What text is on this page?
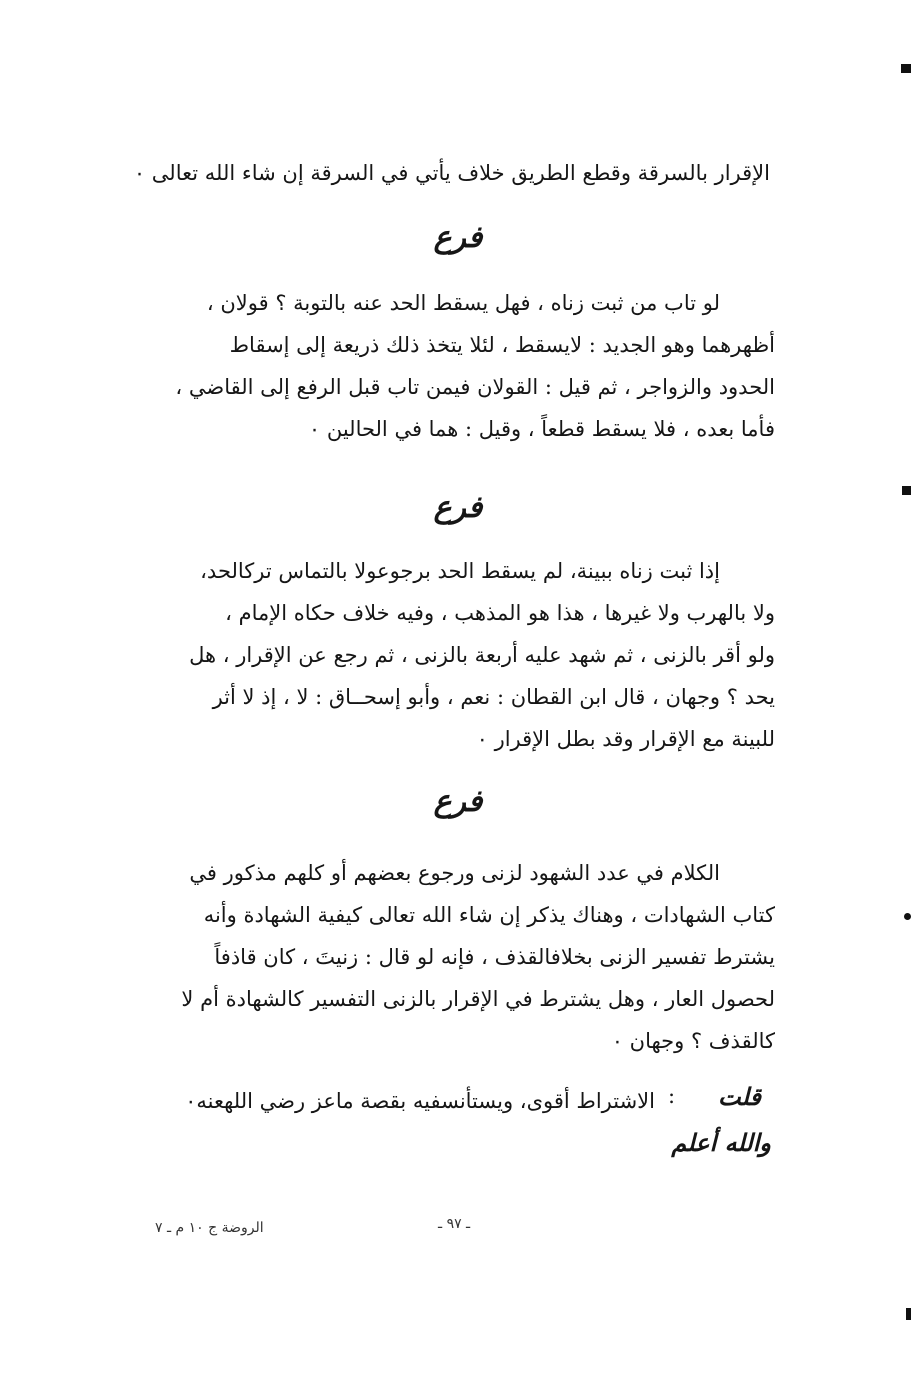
الإقرار بالسرقة وقطع الطريق خلاف يأتي في السرقة إن شاء الله تعالى ٠
فرع
لو تاب من ثبت زناه ، فهل يسقط الحد عنه بالتوبة ؟ قولان ،
أظهرهما وهو الجديد : لايسقط ، لئلا يتخذ ذلك ذريعة إلى إسقاط
الحدود والزواجر ، ثم قيل : القولان فيمن تاب قبل الرفع إلى القاضي ،
فأما بعده ، فلا يسقط قطعاً ، وقيل : هما في الحالين ٠
فرع
إذا ثبت زناه ببينة، لم يسقط الحد برجوعولا بالتماس تركالحد،
ولا بالهرب ولا غيرها ، هذا هو المذهب ، وفيه خلاف حكاه الإمام ،
ولو أقر بالزنى ، ثم شهد عليه أربعة بالزنى ، ثم رجع عن الإقرار ، هل
يحد ؟ وجهان ، قال ابن القطان : نعم ، وأبو إسحــاق : لا ، إذ لا أثر
للبينة مع الإقرار وقد بطل الإقرار ٠
فرع
الكلام في عدد الشهود لزنى ورجوع بعضهم أو كلهم مذكور في
كتاب الشهادات ، وهناك يذكر إن شاء الله تعالى كيفية الشهادة وأنه
يشترط تفسير الزنى بخلافالقذف ، فإنه لو قال : زنيتَ ، كان قاذفاً
لحصول العار ، وهل يشترط في الإقرار بالزنى التفسير كالشهادة أم لا
كالقذف ؟ وجهان ٠
قلت
:
الاشتراط أقوى، ويستأنسفيه بقصة ماعز رضي اللهعنه٠
والله أعلم
ـ ٩٧ ـ
الروضة ج ١٠ م ـ ٧
